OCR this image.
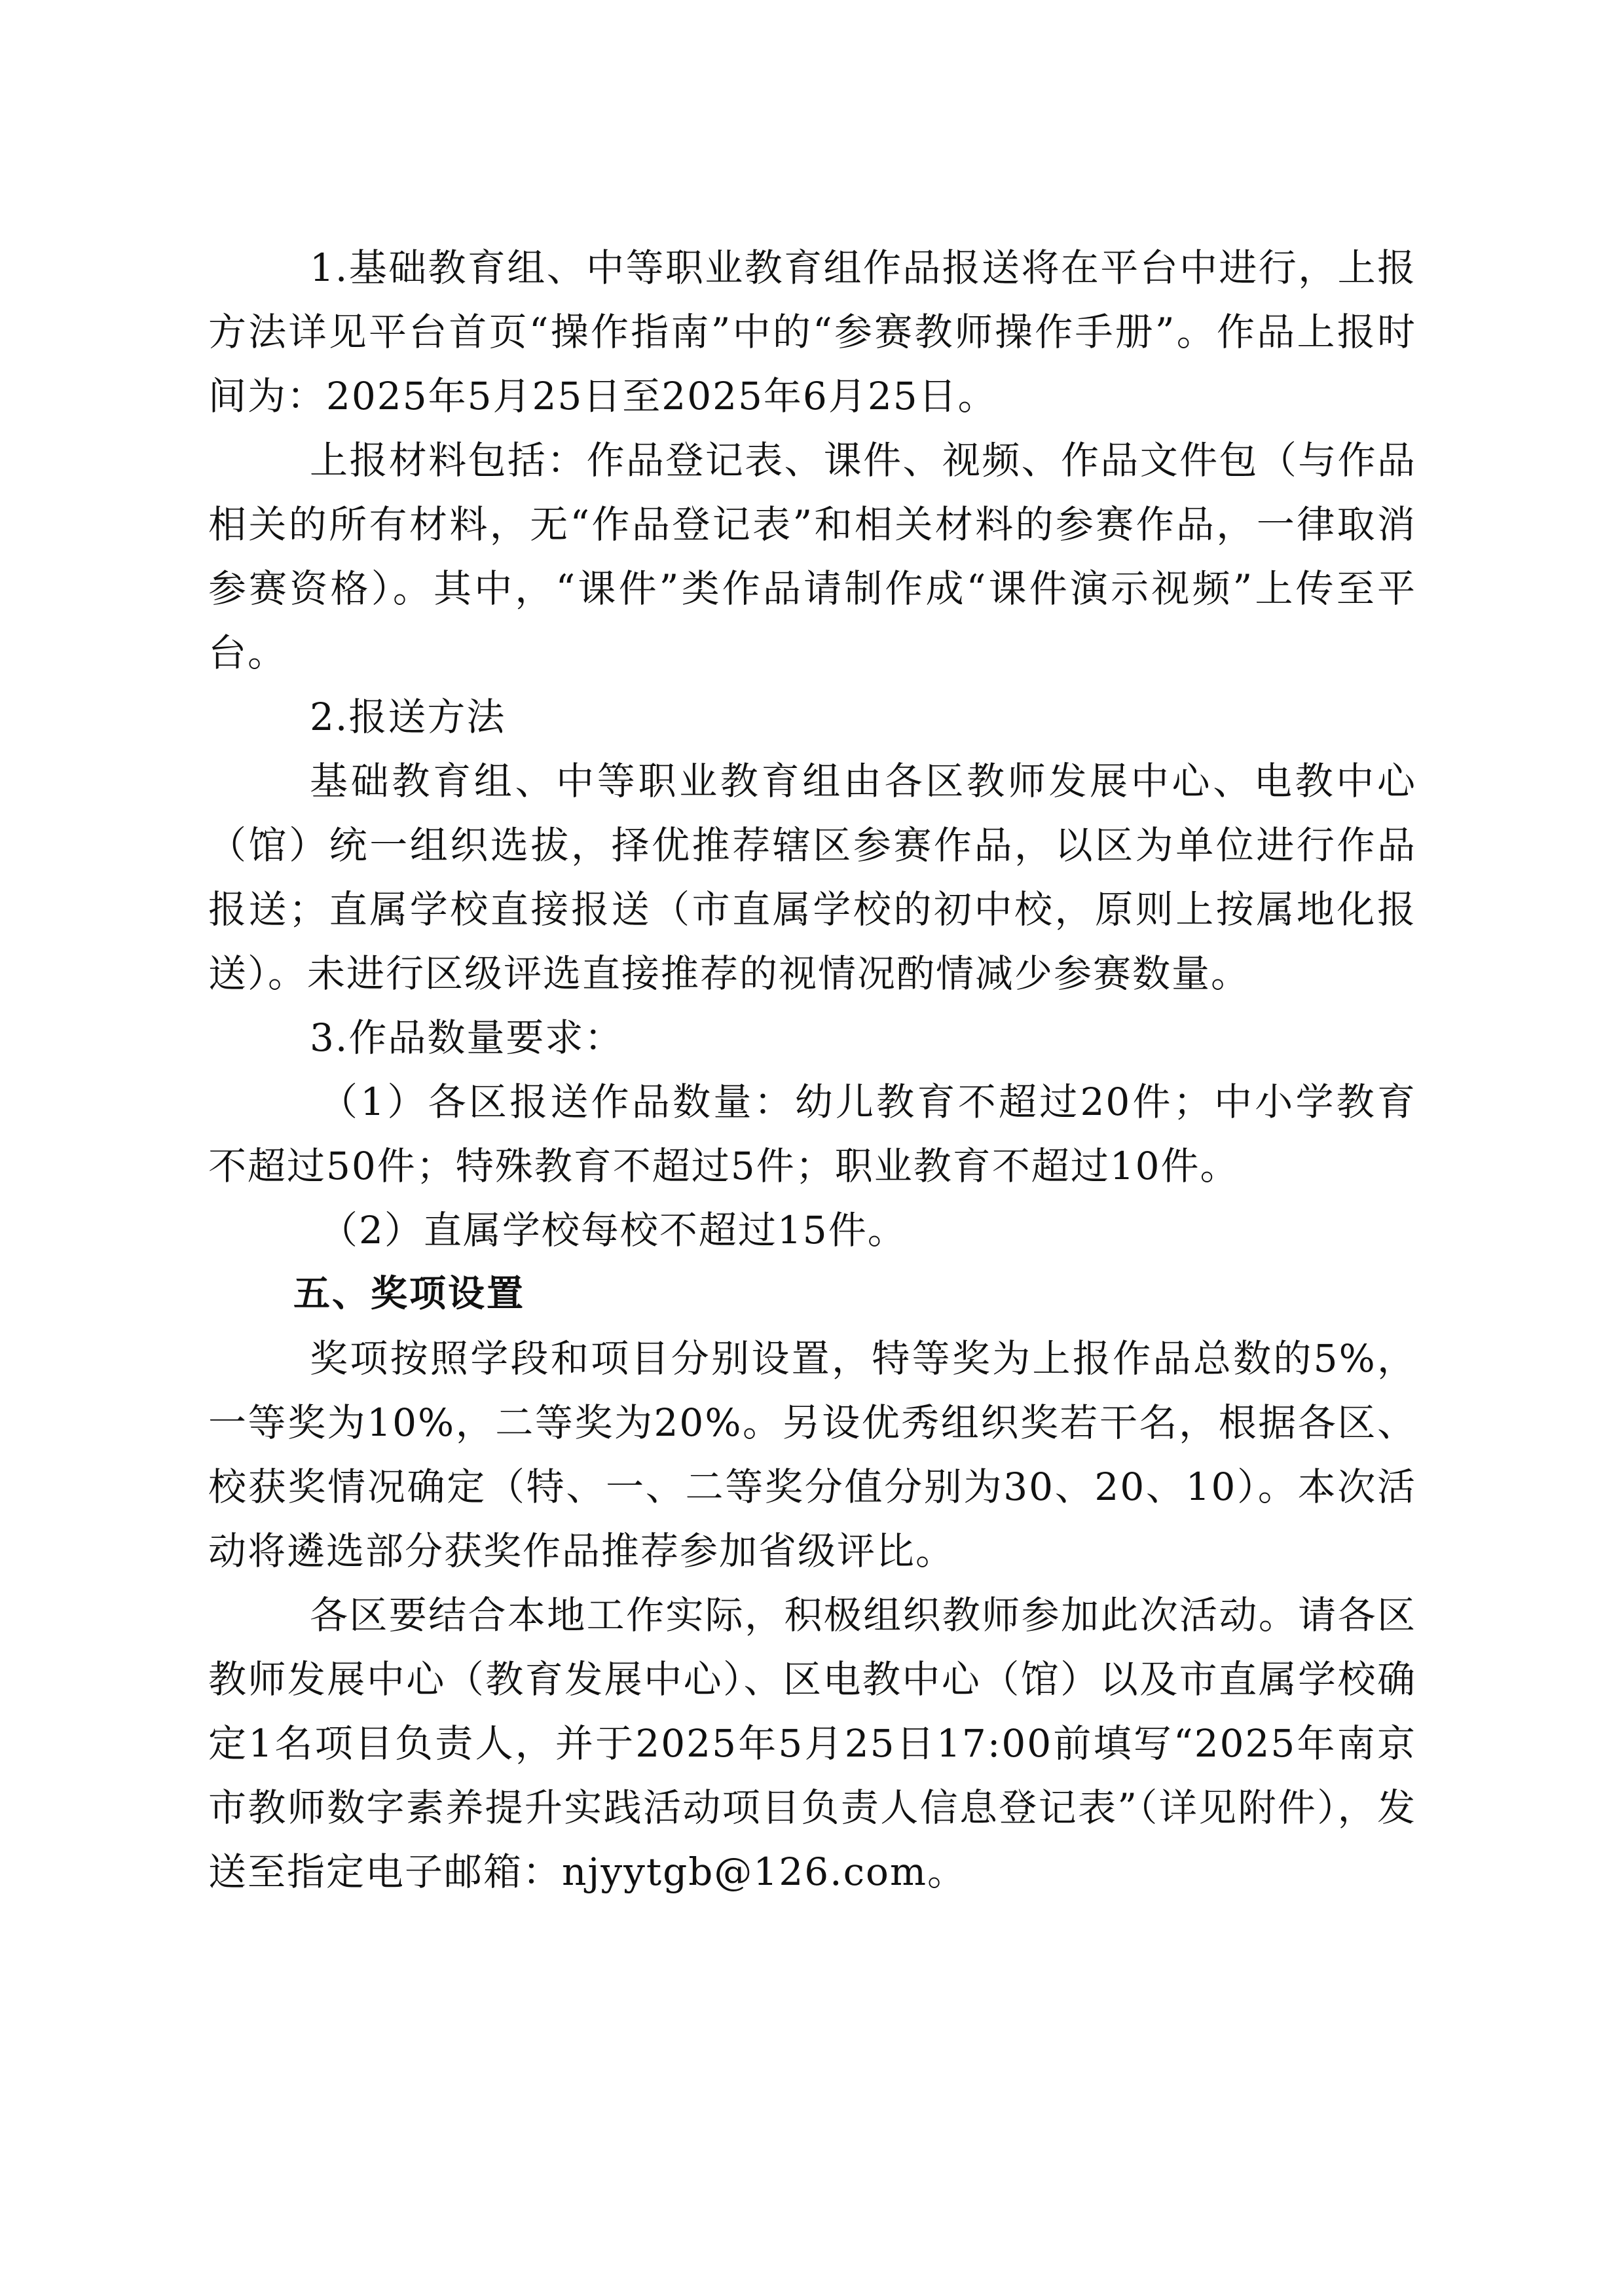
1.基础教育组、中等职业教育组作品报送将在平台中进行，上报方法详见平台首页“操作指南”中的“参赛教师操作手册”。作品上报时间为：2025年5月25日至2025年6月25日。

上报材料包括：作品登记表、课件、视频、作品文件包（与作品相关的所有材料，无“作品登记表”和相关材料的参赛作品，一律取消参赛资格）。其中，“课件”类作品请制作成“课件演示视频”上传至平台。

2.报送方法

基础教育组、中等职业教育组由各区教师发展中心、电教中心（馆）统一组织选拔，择优推荐辖区参赛作品，以区为单位进行作品报送；直属学校直接报送（市直属学校的初中校，原则上按属地化报送）。未进行区级评选直接推荐的视情况酌情减少参赛数量。

3.作品数量要求：

（1）各区报送作品数量：幼儿教育不超过20件；中小学教育不超过50件；特殊教育不超过5件；职业教育不超过10件。

（2）直属学校每校不超过15件。

五、奖项设置

奖项按照学段和项目分别设置，特等奖为上报作品总数的5%，一等奖为10%，二等奖为20%。另设优秀组织奖若干名，根据各区、校获奖情况确定（特、一、二等奖分值分别为30、20、10）。本次活动将遴选部分获奖作品推荐参加省级评比。

各区要结合本地工作实际，积极组织教师参加此次活动。请各区教师发展中心（教育发展中心）、区电教中心（馆）以及市直属学校确定1名项目负责人，并于2025年5月25日17:00前填写“2025年南京市教师数字素养提升实践活动项目负责人信息登记表”（详见附件），发送至指定电子邮箱：njyytgb@126.com。
